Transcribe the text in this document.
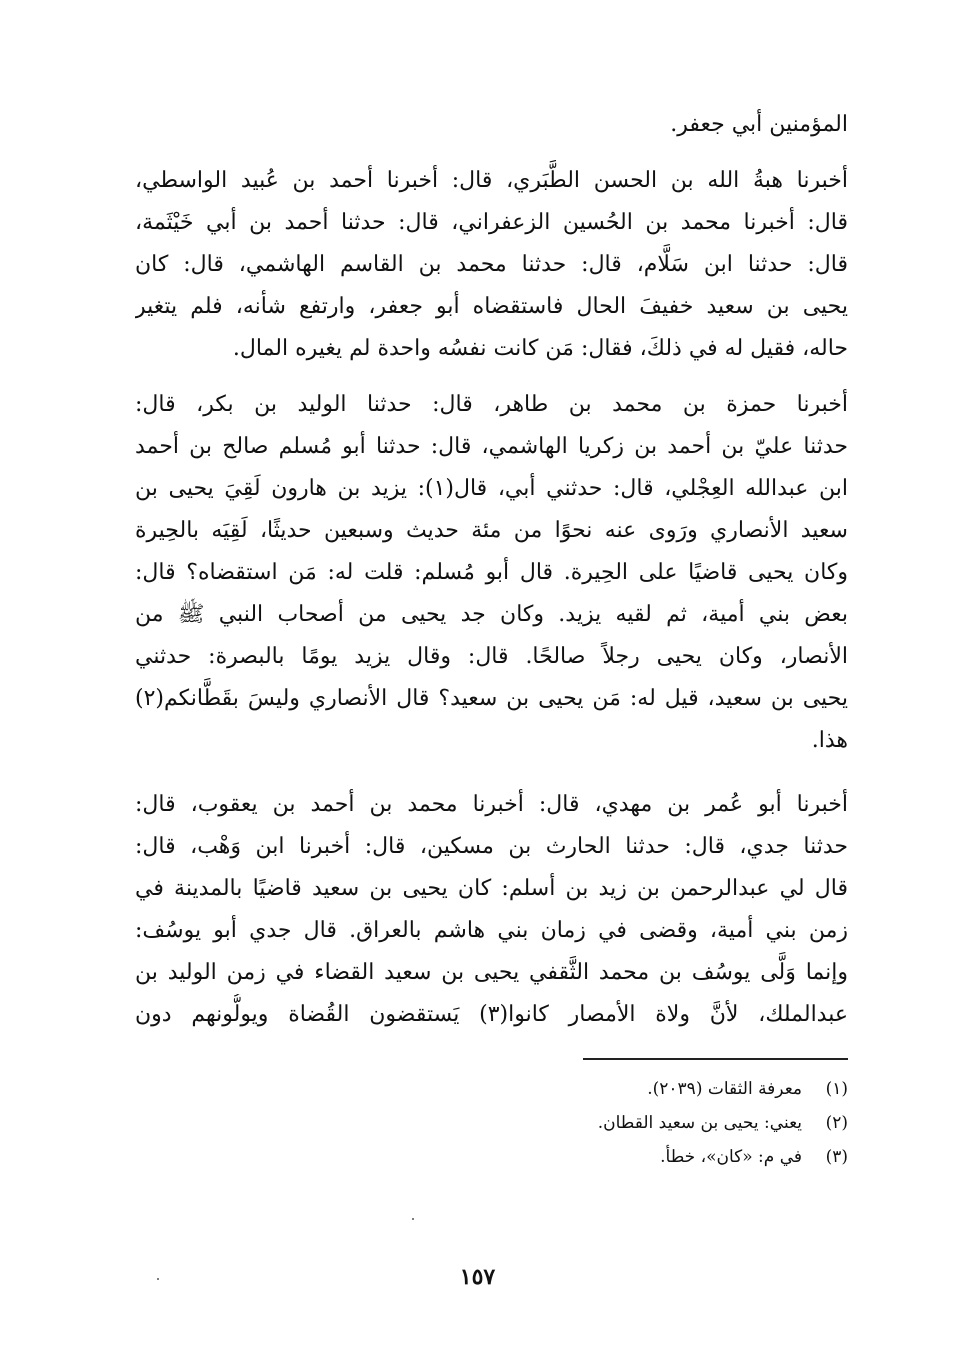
المؤمنين أبي جعفر.
أخبرنا هبةُ الله بن الحسن الطَّبَري، قال: أخبرنا أحمد بن عُبيد الواسطي،
قال: أخبرنا محمد بن الحُسين الزعفراني، قال: حدثنا أحمد بن أبي خَيْثَمة،
قال: حدثنا ابن سَلَّام، قال: حدثنا محمد بن القاسم الهاشمي، قال: كان
يحيى بن سعيد خفيفَ الحال فاستقضاه أبو جعفر، وارتفع شأنه، فلم يتغير
حاله، فقيل له في ذلكَ، فقال: مَن كانت نفسُه واحدة لم يغيره المال.
أخبرنا حمزة بن محمد بن طاهر، قال: حدثنا الوليد بن بكر، قال:
حدثنا عليّ بن أحمد بن زكريا الهاشمي، قال: حدثنا أبو مُسلم صالح بن أحمد
ابن عبدالله العِجْلي، قال: حدثني أبي، قال(١): يزيد بن هارون لَقِيَ يحيى بن
سعيد الأنصاري ورَوى عنه نحوًا من مئة حديث وسبعين حديثًا، لَقِيَه بالحِيرة
وكان يحيى قاضيًا على الحِيرة. قال أبو مُسلم: قلت له: مَن استقضاه؟ قال:
بعض بني أمية، ثم لقيه يزيد. وكان جد يحيى من أصحاب النبي ﷺ من
الأنصار، وكان يحيى رجلاً صالحًا. قال: وقال يزيد يومًا بالبصرة: حدثني
يحيى بن سعيد، قيل له: مَن يحيى بن سعيد؟ قال الأنصاري وليسَ بقَطَّانكم(٢)
هذا.
أخبرنا أبو عُمر بن مهدي، قال: أخبرنا محمد بن أحمد بن يعقوب، قال:
حدثنا جدي، قال: حدثنا الحارث بن مسكين، قال: أخبرنا ابن وَهْب، قال:
قال لي عبدالرحمن بن زيد بن أسلم: كان يحيى بن سعيد قاضيًا بالمدينة في
زمن بني أمية، وقضى في زمان بني هاشم بالعراق. قال جدي أبو يوسُف:
وإنما وَلَّى يوسُف بن محمد الثَّقفي يحيى بن سعيد القضاء في زمن الوليد بن
عبدالملك، لأنَّ ولاة الأمصار كانوا(٣) يَستقضون القُضاة ويولُّونهم دون
(١)
معرفة الثقات (٢٠٣٩).
(٢)
يعني: يحيى بن سعيد القطان.
(٣)
في م: «كان»، خطأ.
١٥٧
